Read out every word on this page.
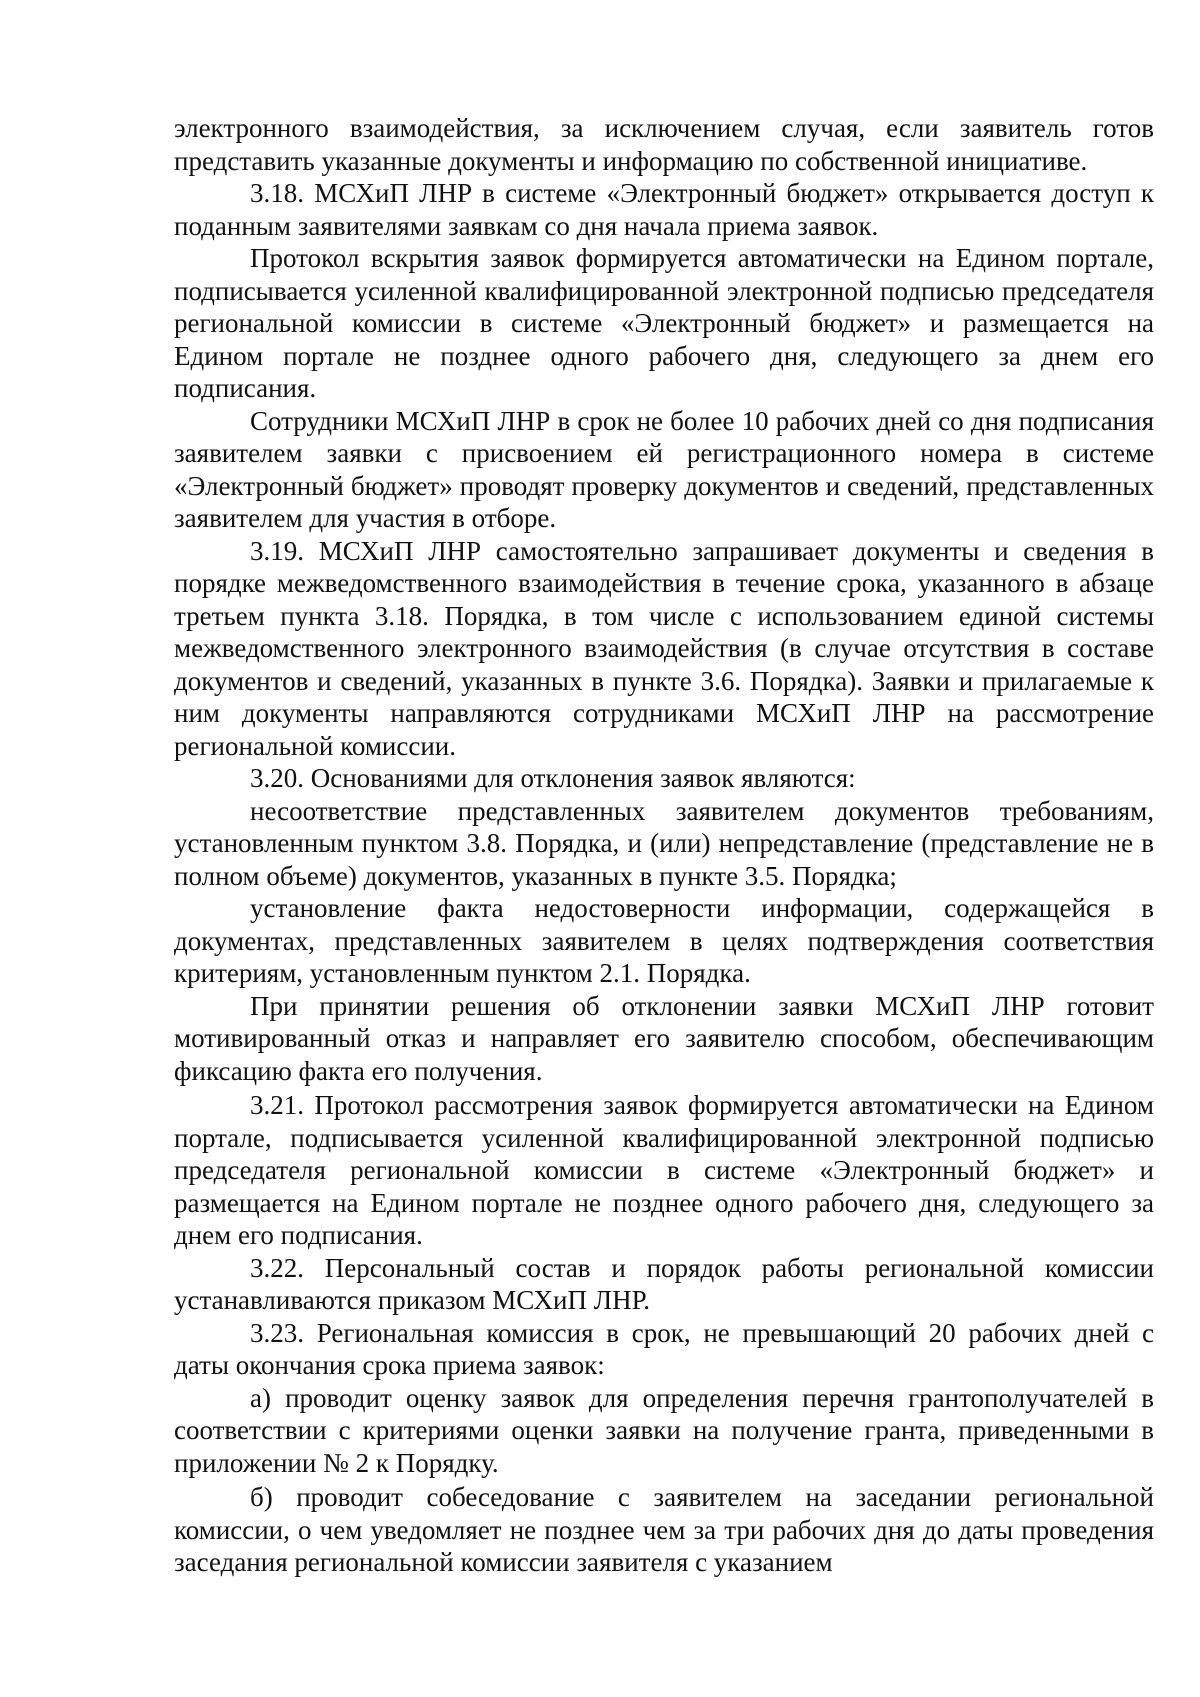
электронного взаимодействия, за исключением случая, если заявитель готов представить указанные документы и информацию по собственной инициативе.

3.18. МСХиП ЛНР в системе «Электронный бюджет» открывается доступ к поданным заявителями заявкам со дня начала приема заявок.

Протокол вскрытия заявок формируется автоматически на Едином портале, подписывается усиленной квалифицированной электронной подписью председателя региональной комиссии в системе «Электронный бюджет» и размещается на Едином портале не позднее одного рабочего дня, следующего за днем его подписания.

Сотрудники МСХиП ЛНР в срок не более 10 рабочих дней со дня подписания заявителем заявки с присвоением ей регистрационного номера в системе «Электронный бюджет» проводят проверку документов и сведений, представленных заявителем для участия в отборе.

3.19. МСХиП ЛНР самостоятельно запрашивает документы и сведения в порядке межведомственного взаимодействия в течение срока, указанного в абзаце третьем пункта 3.18. Порядка, в том числе с использованием единой системы межведомственного электронного взаимодействия (в случае отсутствия в составе документов и сведений, указанных в пункте 3.6. Порядка). Заявки и прилагаемые к ним документы направляются сотрудниками МСХиП ЛНР на рассмотрение региональной комиссии.

3.20. Основаниями для отклонения заявок являются:

несоответствие представленных заявителем документов требованиям, установленным пунктом 3.8. Порядка, и (или) непредставление (представление не в полном объеме) документов, указанных в пункте 3.5. Порядка;

установление факта недостоверности информации, содержащейся в документах, представленных заявителем в целях подтверждения соответствия критериям, установленным пунктом 2.1. Порядка.

При принятии решения об отклонении заявки МСХиП ЛНР готовит мотивированный отказ и направляет его заявителю способом, обеспечивающим фиксацию факта его получения.

3.21. Протокол рассмотрения заявок формируется автоматически на Едином портале, подписывается усиленной квалифицированной электронной подписью председателя региональной комиссии в системе «Электронный бюджет» и размещается на Едином портале не позднее одного рабочего дня, следующего за днем его подписания.

3.22. Персональный состав и порядок работы региональной комиссии устанавливаются приказом МСХиП ЛНР.

3.23. Региональная комиссия в срок, не превышающий 20 рабочих дней с даты окончания срока приема заявок:

а) проводит оценку заявок для определения перечня грантополучателей в соответствии с критериями оценки заявки на получение гранта, приведенными в приложении № 2 к Порядку.

б) проводит собеседование с заявителем на заседании региональной комиссии, о чем уведомляет не позднее чем за три рабочих дня до даты проведения заседания региональной комиссии заявителя с указанием
